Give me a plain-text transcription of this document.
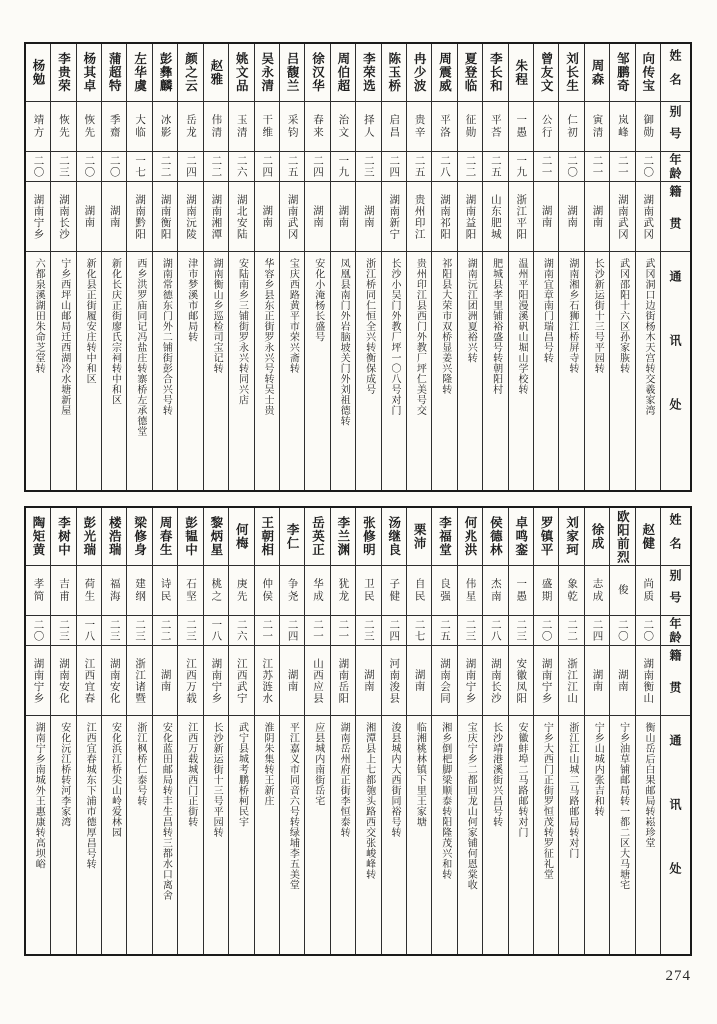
姓名
别号
年龄
籍贯
通讯处
向传宝
御勋
二〇
湖南武冈
武冈洞口边街杨木天宫转交羲家湾
邹鹏奇
岚峰
二一
湖南武冈
武冈邵阳十六区孙家脄转
周森
寅清
二一
湖南
长沙新运街十三号平园转
刘长生
仁初
二〇
湖南
湖南湘乡石狮江桥屏寺转
曾友文
公行
二一
湖南
湖南宜章南门瑞昌号转
朱程
一愚
一九
浙江平阳
温州平阳漫溪矾山堀山学校转
李长和
平荅
二五
山东肥城
肥城县孝里铺裕盛号转朝阳村
夏登临
征勋
二二
湖南益阳
湖南沅江团洲夏裕兴转
周震威
平洛
二八
湖南祁阳
祁阳县大荣市双桥显姜兴隆转
冉少波
贵辛
二五
贵州印江
贵州印江县西门外教厂坪仁美号交
陈玉桥
启昌
二四
湖南新宁
长沙小吴门外教厂坪一〇八号对门
李荣选
择人
二三
湖南
浙江桥同仁恒全兴转衡保成号
周伯超
治文
一九
湖南
凤凰县南门外岩脑坡关门外刘祖德转
徐汉华
春来
二四
湖南
安化小淹杨长盛号
吕馥兰
采钧
二五
湖南武冈
宝庆西路黄平市荣兴斋转
吴永清
干维
二四
湖南
华容乡县东正街罗永兴号转吴士贵
姚文品
玉清
二六
湖北安陆
安陆南乡三铺街罗永兴转同兴店
赵雅
伟清
二二
湖南湘潭
湖南衡山乡巡检司宝记转
颜之云
岳龙
二四
湖南沅陵
津市梦溪市邮局转
彭彝麟
冰影
二二
湖南衡阳
湖南常德东门外二铺街彭合兴号转
左华虞
大临
一七
湖南黔阳
西乡洪罗庙同记冯盐庄转寨桥左承德堂
蒲超特
季齋
二〇
湖南
新化长庆正街廖氏宗祠转中和区
杨其卓
恢先
二〇
湖南
新化县正街履安庄转中和区
李贵荣
恢先
二三
湖南长沙
宁乡西坪山邮局迁西湖冷水塘新屋
杨勉
靖方
二〇
湖南宁乡
六都泉溪湖田朱命芝堂转
姓名
别号
年龄
籍贯
通讯处
赵健
尚质
二〇
湖南衡山
衡山岳后白果邮局转崧珍堂
欧阳前烈
俊
二〇
湖南
宁乡油草铺邮局转一都二区大马塘宅
徐成
志成
二四
湖南
宁乡山城内张吉和转
刘家珂
象乾
二二
浙江江山
浙江江山城二马路邮局转对门
罗镇平
盛期
二〇
湖南宁乡
宁乡大西门正街罗恒茂转罗征礼堂
卓鸣銮
一愚
二三
安徽凤阳
安徽蚌埠二马路邮转对门
侯德林
杰南
二八
湖南长沙
长沙靖港溪街兴昌号转
何兆洪
伟星
二三
湖南宁乡
宝庆宁乡二都回龙山何家铺何恩棠收
李福堂
良强
二五
湖南会同
湘乡倒杷脚梁顺泰转阳隆茂兴和转
栗沛
自民
二七
湖南
临湘桃林镇下里王家塘
汤继良
子健
二四
河南浚县
浚县城内大西街同裕号转
张修明
卫民
二三
湖南
湘潭县上七都匏头路西交张峻峰转
李兰渊
犹龙
二一
湖南岳阳
湖南岳州府正街李恒泰转
岳英正
华成
二一
山西应县
应县城内南街岳宅
李仁
争尧
二四
湖南
平江嘉义市同音六号转绿埔李五美堂
王朝相
仲侯
二一
江苏涟水
淮阴朱集转王新庄
何梅
庚先
二六
江西武宁
武宁县城考鹏桥柯民宇
黎炳星
桃之
一八
湖南宁乡
长沙新运街十三号平园转
彭韫中
石坚
二三
江西万载
江西万载城西门正街转
周春生
诗民
二二
湖南
安化蓝田邮局转丰生昌转三都水口离舍
梁修身
建纲
二三
浙江诸暨
浙江枫桥仁泰号转
楼浩瑞
福海
二三
湖南安化
安化浜江桥尖山岭爱林园
彭光瑞
荷生
一八
江西宜春
江西宜春城东下浦市德厚昌号转
李树中
吉甫
二三
湖南安化
安化沅江桥转河李家湾
陶矩黄
孝简
二〇
湖南宁乡
湖南宁乡南城外王惠康转高坝峪
274
